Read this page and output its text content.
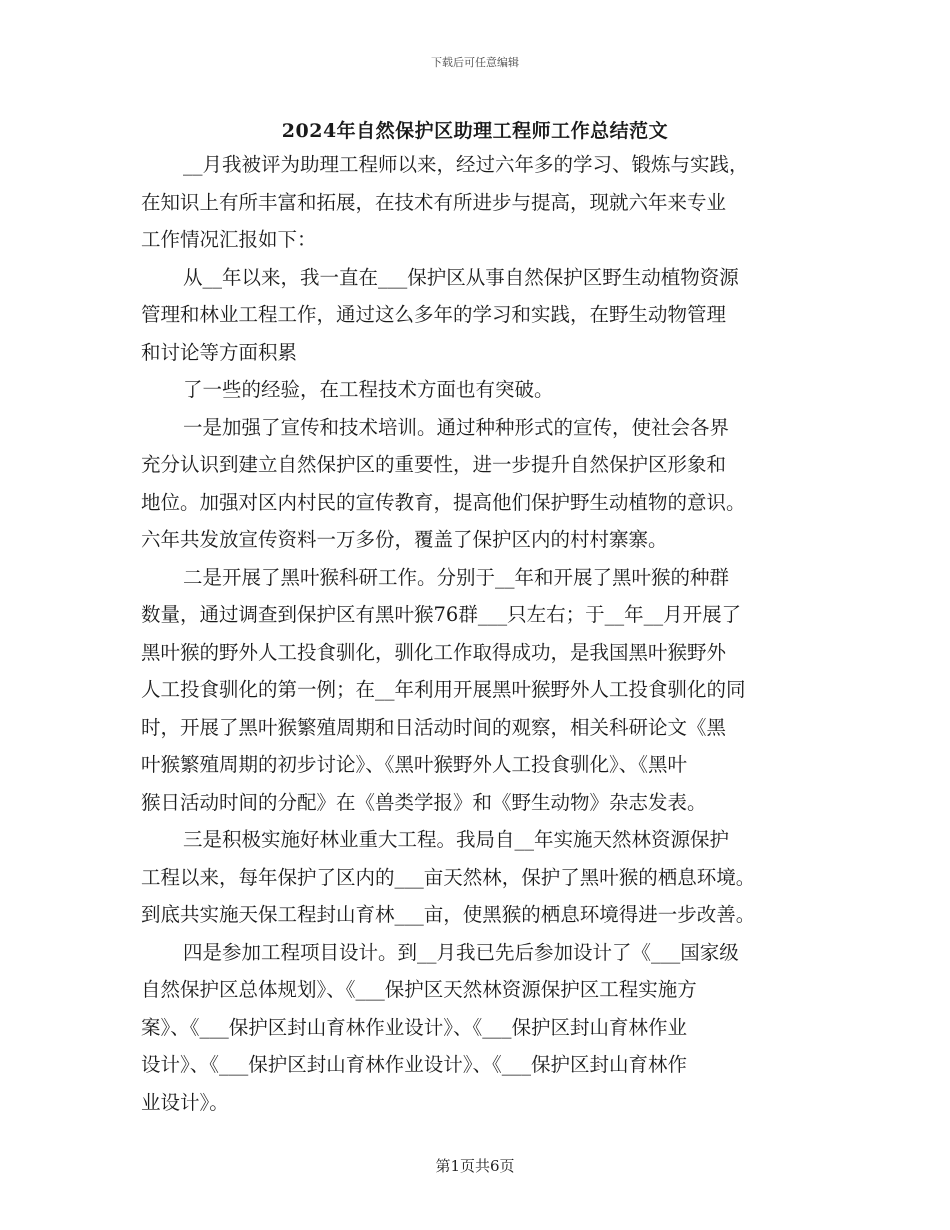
下载后可任意编辑
2024年自然保护区助理工程师工作总结范文
__月我被评为助理工程师以来，经过六年多的学习、锻炼与实践，
在知识上有所丰富和拓展，在技术有所进步与提高，现就六年来专业
工作情况汇报如下：
从__年以来，我一直在___保护区从事自然保护区野生动植物资源
管理和林业工程工作，通过这么多年的学习和实践，在野生动物管理
和讨论等方面积累
了一些的经验，在工程技术方面也有突破。
一是加强了宣传和技术培训。通过种种形式的宣传，使社会各界
充分认识到建立自然保护区的重要性，进一步提升自然保护区形象和
地位。加强对区内村民的宣传教育，提高他们保护野生动植物的意识。
六年共发放宣传资料一万多份，覆盖了保护区内的村村寨寨。
二是开展了黑叶猴科研工作。分别于__年和开展了黑叶猴的种群
数量，通过调查到保护区有黑叶猴76群___只左右；于__年__月开展了
黑叶猴的野外人工投食驯化，驯化工作取得成功，是我国黑叶猴野外
人工投食驯化的第一例；在__年利用开展黑叶猴野外人工投食驯化的同
时，开展了黑叶猴繁殖周期和日活动时间的观察，相关科研论文《黑
叶猴繁殖周期的初步讨论》、《黑叶猴野外人工投食驯化》、《黑叶
猴日活动时间的分配》在《兽类学报》和《野生动物》杂志发表。
三是积极实施好林业重大工程。我局自__年实施天然林资源保护
工程以来，每年保护了区内的___亩天然林，保护了黑叶猴的栖息环境。
到底共实施天保工程封山育林___亩，使黑猴的栖息环境得进一步改善。
四是参加工程项目设计。到__月我已先后参加设计了《___国家级
自然保护区总体规划》、《___保护区天然林资源保护区工程实施方
案》、《___保护区封山育林作业设计》、《___保护区封山育林作业
设计》、《___保护区封山育林作业设计》、《___保护区封山育林作
业设计》。
第1页共6页
